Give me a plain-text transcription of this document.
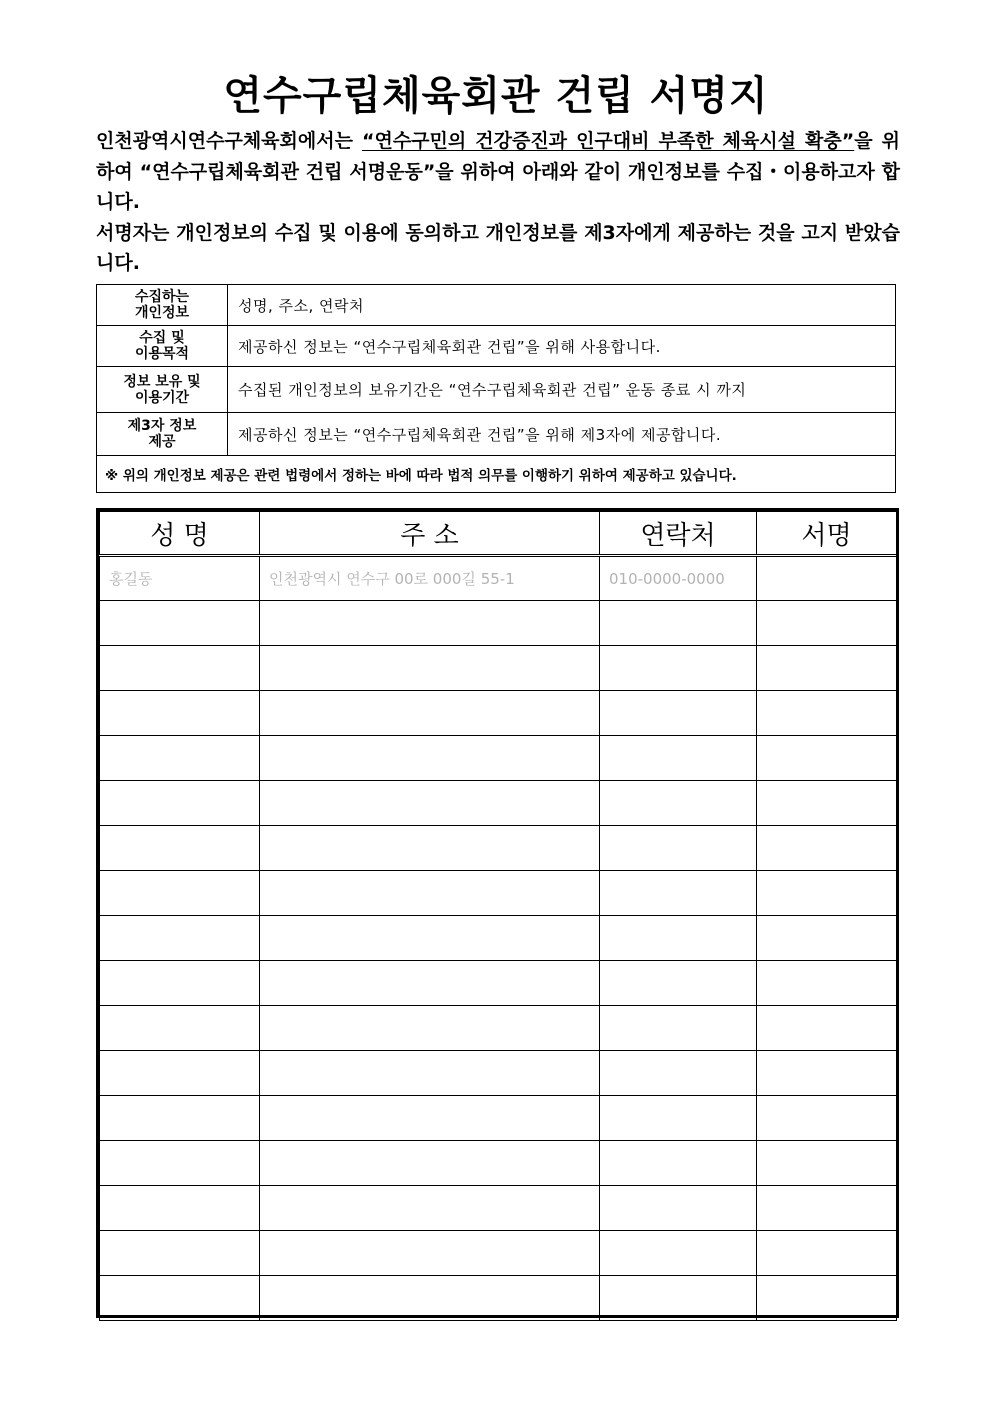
연수구립체육회관 건립 서명지

인천광역시연수구체육회에서는 “연수구민의 건강증진과 인구대비 부족한 체육시설 확충”을 위하여 “연수구립체육회관 건립 서명운동”을 위하여 아래와 같이 개인정보를 수집・이용하고자 합니다.

서명자는 개인정보의 수집 및 이용에 동의하고 개인정보를 제3자에게 제공하는 것을 고지 받았습니다.

수집하는
개인정보	성명, 주소, 연락처
수집 및
이용목적	제공하신 정보는 “연수구립체육회관 건립”을 위해 사용합니다.
정보 보유 및
이용기간	수집된 개인정보의 보유기간은 “연수구립체육회관 건립” 운동 종료 시 까지
제3자 정보
제공	제공하신 정보는 “연수구립체육회관 건립”을 위해 제3자에 제공합니다.
※ 위의 개인정보 제공은 관련 법령에서 정하는 바에 따라 법적 의무를 이행하기 위하여 제공하고 있습니다.	
성 명	주 소	연락처	서명
홍길동	인천광역시 연수구 00로 000길 55-1	010-0000-0000	
